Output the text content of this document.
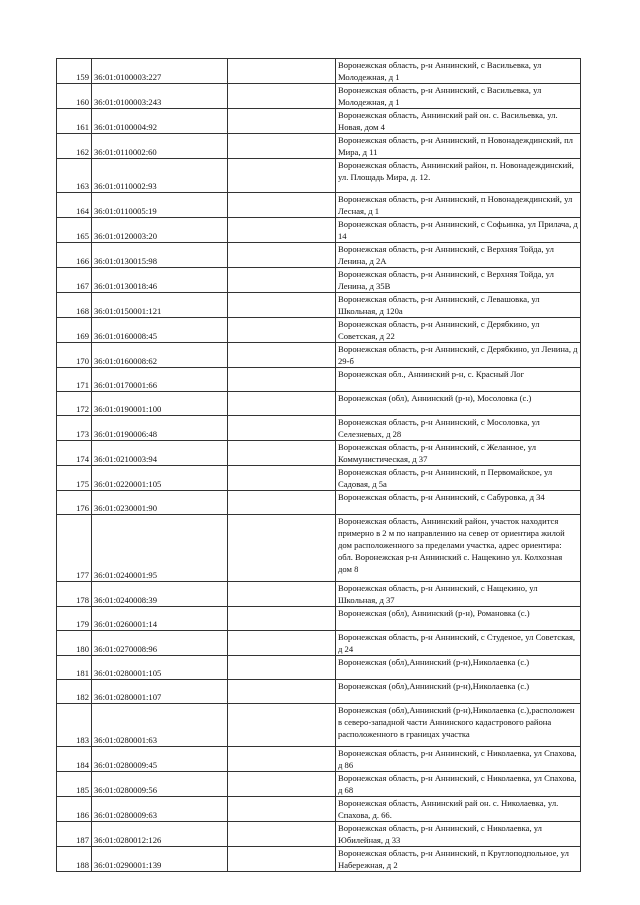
159	36:01:0100003:227		Воронежская область, р-н Аннинский, с Васильевка, ул Молодежная, д 1
160	36:01:0100003:243		Воронежская область, р-н Аннинский, с Васильевка, ул Молодежная, д 1
161	36:01:0100004:92		Воронежская область, Аннинский рай он. с. Васильевка, ул. Новая, дом 4
162	36:01:0110002:60		Воронежская область, р-н Аннинский, п Новонадеждинский, пл Мира, д 11
163	36:01:0110002:93		Воронежская область, Аннинский район, п. Новонадеждинский, ул. Площадь Мира, д. 12.
164	36:01:0110005:19		Воронежская область, р-н Аннинский, п Новонадеждинский, ул Лесная, д 1
165	36:01:0120003:20		Воронежская область, р-н Аннинский, с Софьинка, ул Прилача, д 14
166	36:01:0130015:98		Воронежская область, р-н Аннинский, с Верхняя Тойда, ул Ленина, д 2А
167	36:01:0130018:46		Воронежская область, р-н Аннинский, с Верхняя Тойда, ул Ленина, д 35В
168	36:01:0150001:121		Воронежская область, р-н Аннинский, с Левашовка, ул Школьная, д 120а
169	36:01:0160008:45		Воронежская область, р-н Аннинский, с Дерябкино, ул Советская, д 22
170	36:01:0160008:62		Воронежская область, р-н Аннинский, с Дерябкино, ул Ленина, д 29-б
171	36:01:0170001:66		Воронежская обл., Аннинский р-н, с. Красный Лог
172	36:01:0190001:100		Воронежская (обл), Аннинский (р-н), Мосоловка (с.)
173	36:01:0190006:48		Воронежская область, р-н Аннинский, с Мосоловка, ул Селезневых, д 28
174	36:01:0210003:94		Воронежская область, р-н Аннинский, с Желанное, ул Коммунистическая, д 37
175	36:01:0220001:105		Воронежская область, р-н Аннинский, п Первомайское, ул Садовая, д 5а
176	36:01:0230001:90		Воронежская область, р-н Аннинский, с Сабуровка, д 34
177	36:01:0240001:95		Воронежская область, Аннинский район, участок находится примерно в 2 м по направлению на север от ориентира жилой дом расположенного за пределами участка, адрес ориентира: обл. Воронежская р-н Аннинский с. Нащекино ул. Колхозная дом 8
178	36:01:0240008:39		Воронежская область, р-н Аннинский, с Нащекино, ул Школьная, д 37
179	36:01:0260001:14		Воронежская (обл), Аннинский (р-н), Романовка (с.)
180	36:01:0270008:96		Воронежская область, р-н Аннинский, с Студеное, ул Советская, д 24
181	36:01:0280001:105		Воронежская (обл),Аннинский (р-н),Николаевка (с.)
182	36:01:0280001:107		Воронежская (обл),Аннинский (р-н),Николаевка (с.)
183	36:01:0280001:63		Воронежская (обл),Аннинский (р-н),Николаевка (с.),расположен в северо-западной части Аннинского кадастрового района расположенного в границах участка
184	36:01:0280009:45		Воронежская область, р-н Аннинский, с Николаевка, ул Спахова, д 86
185	36:01:0280009:56		Воронежская область, р-н Аннинский, с Николаевка, ул Спахова, д 68
186	36:01:0280009:63		Воронежская область, Аннинский рай он. с. Николаевка, ул. Спахова, д. 66.
187	36:01:0280012:126		Воронежская область, р-н Аннинский, с Николаевка, ул Юбилейная, д 33
188	36:01:0290001:139		Воронежская область, р-н Аннинский, п Круглоподпольное, ул Набережная, д 2
